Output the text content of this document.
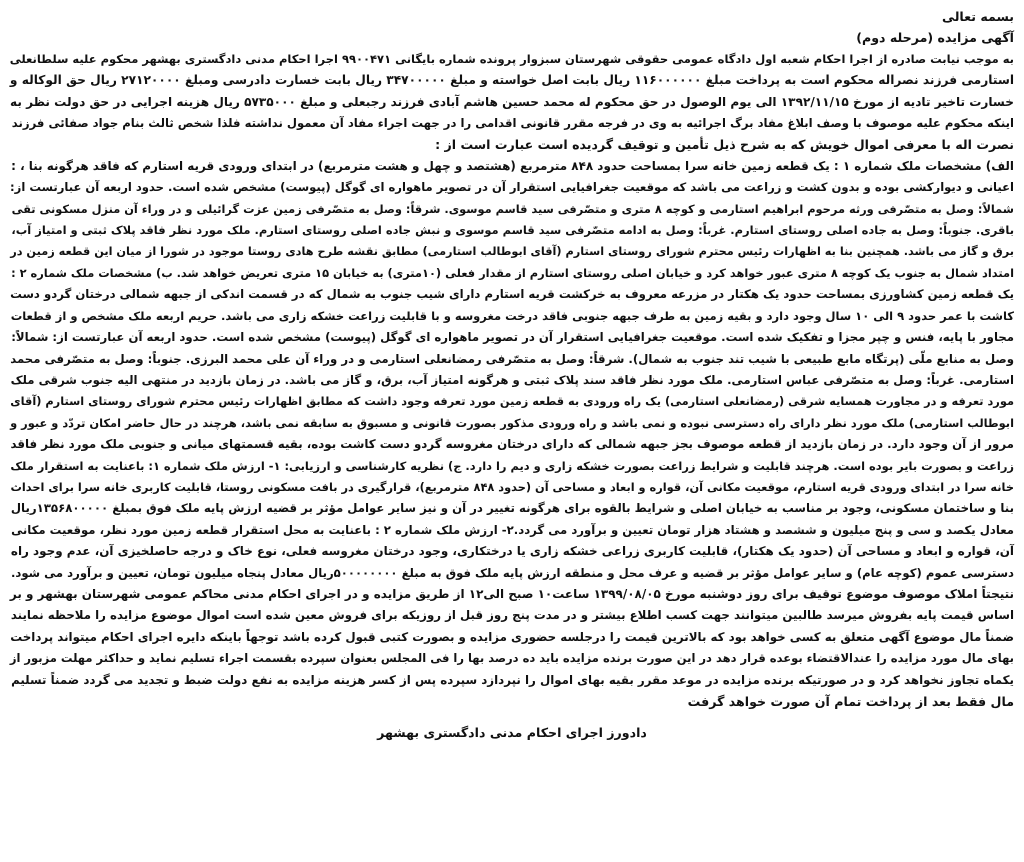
بسمه تعالی
آگهی مزایده (مرحله دوم)
به موجب نیابت صادره از اجرا احکام شعبه اول دادگاه عمومی حقوقی شهرستان سبزوار پرونده شماره بایگانی ۹۹۰۰۴۷۱ اجرا احکام مدنی دادگستری بهشهر محکوم علیه سلطانعلی
استارمی فرزند نصراله محکوم است به پرداخت مبلغ ۱۱۶۰۰۰۰۰۰ ریال بابت اصل خواسته و مبلغ ۳۴۷۰۰۰۰۰ ریال بابت خسارت دادرسی ومبلغ ۲۷۱۲۰۰۰۰ ریال حق الوکاله و
خسارت تاخیر تادیه از مورخ ۱۳۹۲/۱۱/۱۵ الی یوم الوصول در حق محکوم له محمد حسین هاشم آبادی فرزند رجبعلی و مبلغ ۵۷۳۵۰۰۰ ریال هزینه اجرایی در حق دولت نظر به
اینکه محکوم علیه موصوف با وصف ابلاغ مفاد برگ اجرائیه به وی در فرجه مقرر قانونی اقدامی را در جهت اجراء مفاد آن معمول نداشته فلذا شخص ثالث بنام جواد صفائی فرزند
نصرت اله با معرفی اموال خویش که به شرح ذیل تأمین و توقیف گردیده است عبارت است از :
الف) مشخصات ملک شماره ۱ : یک قطعه زمین خانه سرا بمساحت حدود ۸۴۸ مترمربع (هشتصد و چهل و هشت مترمربع) در ابتدای ورودی قریه استارم که فاقد هرگونه بنا ، :
اعیانی و دیوارکشی بوده و بدون کشت و زراعت می باشد که موقعیت جغرافیایی استقرار آن در تصویر ماهواره ای گوگل (پیوست) مشخص شده است. حدود اربعه آن عبارتست از:
شمالاً: وصل به متصّرفی ورثه مرحوم ابراهیم استارمی و کوچه ۸ متری و متصّرفی سید قاسم موسوی. شرقاً: وصل به متصّرفی زمین عزت گرائیلی و در وراء آن منزل مسکونی تقی
باقری. جنوباً: وصل به جاده اصلی روستای استارم. غرباً: وصل به ادامه متصّرفی سید قاسم موسوی و نبش جاده اصلی روستای استارم. ملک مورد نظر فاقد پلاک ثبتی و امتیاز آب،
برق و گاز می باشد. همچنین بنا به اظهارات رئیس محترم شورای روستای استارم (آقای ابوطالب استارمی) مطابق نقشه طرح هادی روستا موجود در شورا از میان این قطعه زمین در
امتداد شمال به جنوب یک کوچه ۸ متری عبور خواهد کرد و خیابان اصلی روستای استارم از مقدار فعلی (۱۰متری) به خیابان ۱۵ متری تعریض خواهد شد. ب) مشخصات ملک شماره ۲ :
یک قطعه زمین کشاورزی بمساحت حدود یک هکتار در مزرعه معروف به خرکشت قریه استارم دارای شیب جنوب به شمال که در قسمت اندکی از جبهه شمالی درختان گردو دست
کاشت با عمر حدود ۹ الی ۱۰ سال وجود دارد و بقیه زمین به طرف جبهه جنوبی فاقد درخت مغروسه و با قابلیت زراعت خشکه زاری می باشد. حریم اربعه ملک مشخص و از قطعات
مجاور با پایه، فنس و چپر مجزا و تفکیک شده است. موقعیت جغرافیایی استقرار آن در تصویر ماهواره ای گوگل (پیوست) مشخص شده است. حدود اربعه آن عبارتست از: شمالاً:
وصل به منابع ملّی (پرتگاه مابع طبیعی با شیب تند جنوب به شمال). شرقاً: وصل به متصّرفی رمضانعلی استارمی و در وراء آن علی محمد البرزی. جنوباً: وصل به متصّرفی محمد
استارمی. غرباً: وصل به متصّرفی عباس استارمی. ملک مورد نظر فاقد سند پلاک ثبتی و هرگونه امتیاز آب، برق، و گاز می باشد. در زمان بازدید در منتهی الیه جنوب شرقی ملک
مورد تعرفه و در مجاورت همسایه شرقی (رمضانعلی استارمی) یک راه ورودی به قطعه زمین مورد تعرفه وجود داشت که مطابق اظهارات رئیس محترم شورای روستای استارم (آقای
ابوطالب استارمی) ملک مورد نظر دارای راه دسترسی نبوده و نمی باشد و راه ورودی مذکور بصورت قانونی و مسبوق به سابقه نمی باشد، هرچند در حال حاضر امکان تردّد و عبور و
مرور از آن وجود دارد. در زمان بازدید از قطعه موصوف بجز جبهه شمالی که دارای درختان مغروسه گردو دست کاشت بوده، بقیه قسمتهای میانی و جنوبی ملک مورد نظر فاقد
زراعت و بصورت بایر بوده است. هرچند قابلیت و شرایط زراعت بصورت خشکه زاری و دیم را دارد. ج) نظریه کارشناسی و ارزیابی: ۱- ارزش ملک شماره ۱: باعنایت به استقرار ملک
خانه سرا در ابتدای ورودی قریه استارم، موقعیت مکانی آن، قواره و ابعاد و مساحی آن (حدود ۸۴۸ مترمربع)، قرارگیری در بافت مسکونی روستا، قابلیت کاربری خانه سرا برای احداث
بنا و ساختمان مسکونی، وجود بر مناسب به خیابان اصلی و شرایط بالقوه برای هرگونه تغییر در آن و نیز سایر عوامل مؤثر بر قضیه ارزش پایه ملک فوق بمبلغ ۱۳۵۶۸۰۰۰۰۰ریال
معادل یکصد و سی و پنج میلیون و ششصد و هشتاد هزار تومان تعیین و برآورد می گردد.۲- ارزش ملک شماره ۲ : باعنایت به محل استقرار قطعه زمین مورد نظر، موقعیت مکانی
آن، قواره و ابعاد و مساحی آن (حدود یک هکتار)، قابلیت کاربری زراعی خشکه زاری یا درختکاری، وجود درختان مغروسه فعلی، نوع خاک و درجه حاصلخیزی آن، عدم وجود راه
دسترسی عموم (کوچه عام) و سایر عوامل مؤثر بر قضیه و عرف محل و منطقه ارزش پایه ملک فوق به مبلغ ۵۰۰۰۰۰۰۰۰ریال معادل پنجاه میلیون تومان، تعیین و برآورد می شود.
نتیجتاً املاک موصوف موضوع توقیف برای روز دوشنبه مورخ ۱۳۹۹/۰۸/۰۵ ساعت۱۰ صبح الی۱۲ از طریق مزایده و در اجرای احکام مدنی محاکم عمومی شهرستان بهشهر و بر
اساس قیمت پایه بفروش میرسد طالبین میتوانند جهت کسب اطلاع بیشتر و در مدت پنج روز قبل از روزیکه برای فروش معین شده است اموال موضوع مزایده را ملاحظه نمایند
ضمناً مال موضوع آگهی متعلق به کسی خواهد بود که بالاترین قیمت را درجلسه حضوری مزایده و بصورت کتبی قبول کرده باشد توجهاً باینکه دایره اجرای احکام میتواند پرداخت
بهای مال مورد مزایده را عندالاقتضاء بوعده قرار دهد در این صورت برنده مزایده باید ده درصد بها را فی المجلس بعنوان سپرده بقسمت اجراء تسلیم نماید و حداکثر مهلت مزبور از
یکماه تجاوز نخواهد کرد و در صورتیکه برنده مزایده در موعد مقرر بقیه بهای اموال را نپردازد سپرده پس از کسر هزینه مزایده به نفع دولت ضبط و تجدید می گردد ضمناً تسلیم
مال فقط بعد از پرداخت تمام آن صورت خواهد گرفت
دادورز اجرای احکام مدنی دادگستری بهشهر
